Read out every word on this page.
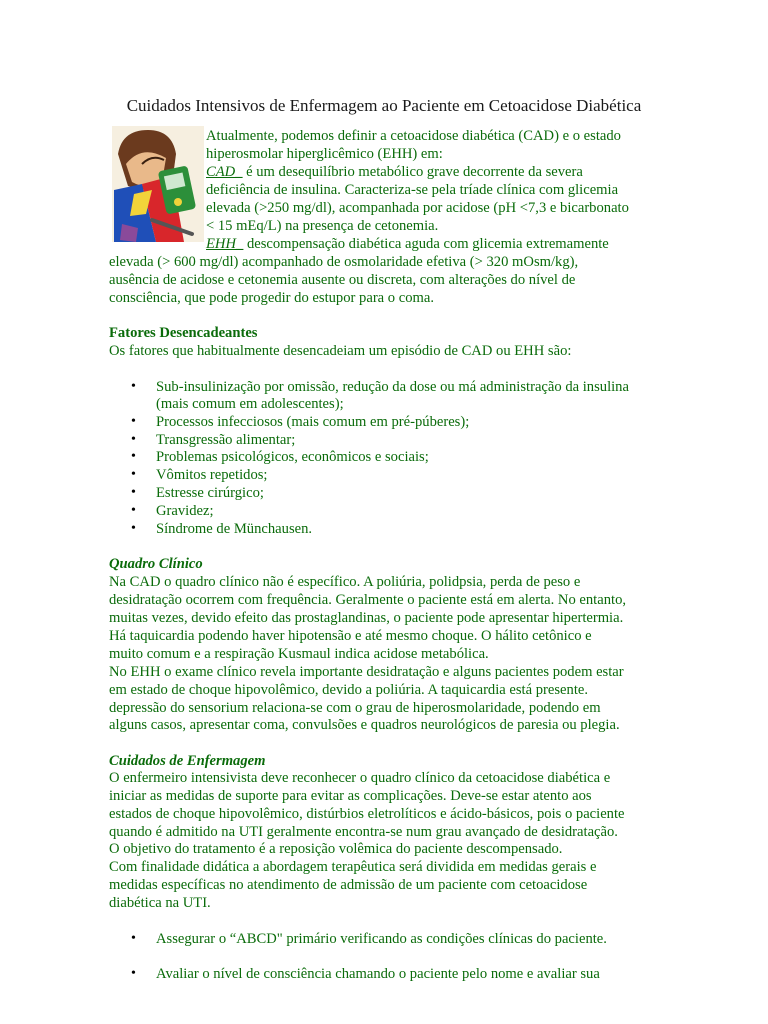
Cuidados Intensivos de Enfermagem ao Paciente em Cetoacidose Diabética
Atualmente, podemos definir a cetoacidose diabética (CAD) e o estado
hiperosmolar hiperglicêmico (EHH) em:
CAD_ é um desequilíbrio metabólico grave decorrente da severa
deficiência de insulina. Caracteriza-se pela tríade clínica com glicemia
elevada (>250 mg/dl), acompanhada por acidose (pH <7,3 e bicarbonato
< 15 mEq/L) na presença de cetonemia.
EHH_ descompensação diabética aguda com glicemia extremamente
elevada (> 600 mg/dl) acompanhado de osmolaridade efetiva (> 320 mOsm/kg),
ausência de acidose e cetonemia ausente ou discreta, com alterações do nível de
consciência, que pode progedir do estupor para o coma.
Fatores Desencadeantes
Os fatores que habitualmente desencadeiam um episódio de CAD ou EHH são:
• Sub-insulinização por omissão, redução da dose ou má administração da insulina
(mais comum em adolescentes);
• Processos infecciosos (mais comum em pré-púberes);
• Transgressão alimentar;
• Problemas psicológicos, econômicos e sociais;
• Vômitos repetidos;
• Estresse cirúrgico;
• Gravidez;
• Síndrome de Münchausen.
Quadro Clínico
Na CAD o quadro clínico não é específico. A poliúria, polidpsia, perda de peso e
desidratação ocorrem com frequência. Geralmente o paciente está em alerta. No entanto,
muitas vezes, devido efeito das prostaglandinas, o paciente pode apresentar hipertermia.
Há taquicardia podendo haver hipotensão e até mesmo choque. O hálito cetônico e
muito comum e a respiração Kusmaul indica acidose metabólica.
No EHH o exame clínico revela importante desidratação e alguns pacientes podem estar
em estado de choque hipovolêmico, devido a poliúria. A taquicardia está presente.
depressão do sensorium relaciona-se com o grau de hiperosmolaridade, podendo em
alguns casos, apresentar coma, convulsões e quadros neurológicos de paresia ou plegia.
Cuidados de Enfermagem
O enfermeiro intensivista deve reconhecer o quadro clínico da cetoacidose diabética e
iniciar as medidas de suporte para evitar as complicações. Deve-se estar atento aos
estados de choque hipovolêmico, distúrbios eletrolíticos e ácido-básicos, pois o paciente
quando é admitido na UTI geralmente encontra-se num grau avançado de desidratação.
O objetivo do tratamento é a reposição volêmica do paciente descompensado.
Com finalidade didática a abordagem terapêutica será dividida em medidas gerais e
medidas específicas no atendimento de admissão de um paciente com cetoacidose
diabética na UTI.
• Assegurar o “ABCD" primário verificando as condições clínicas do paciente.
• Avaliar o nível de consciência chamando o paciente pelo nome e avaliar sua
